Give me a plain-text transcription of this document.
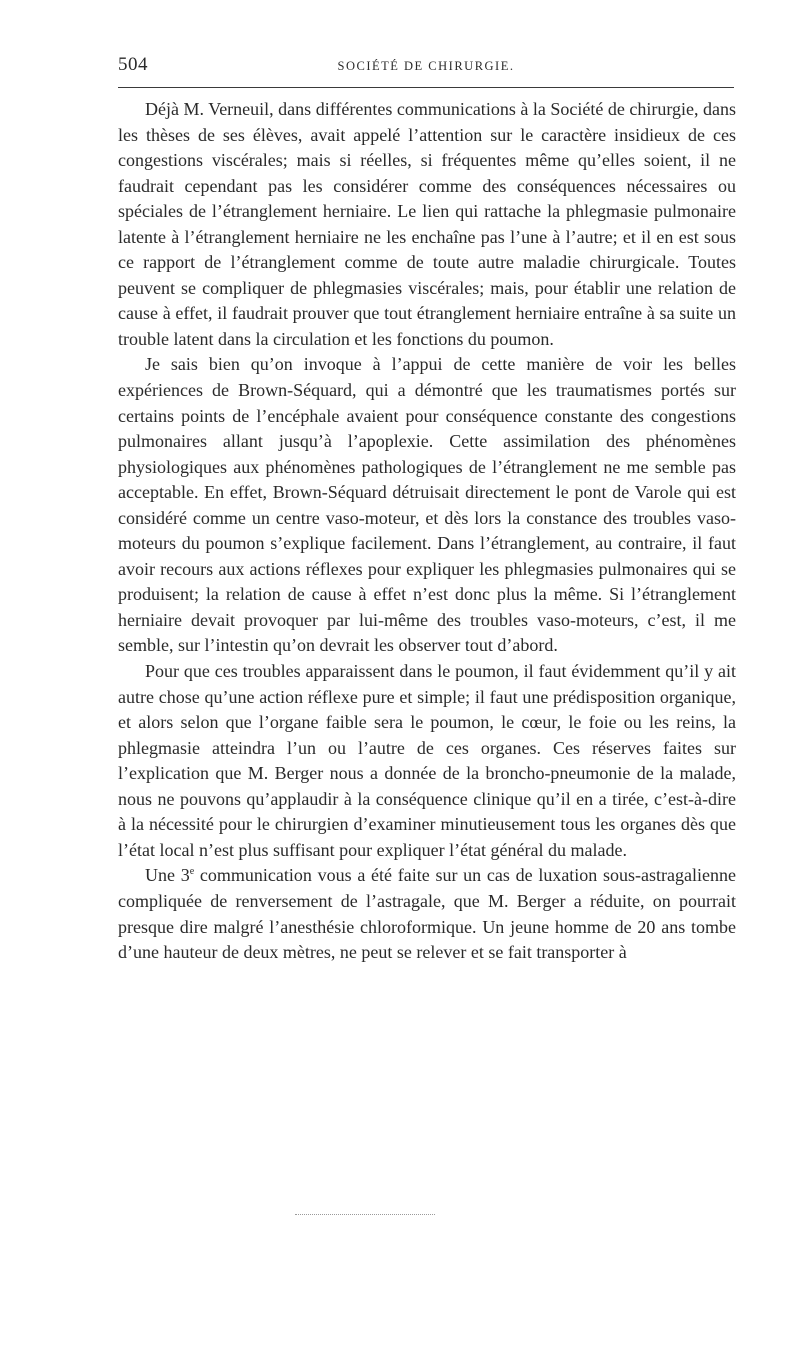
504	SOCIÉTÉ DE CHIRURGIE.

Déjà M. Verneuil, dans différentes communications à la Société de chirurgie, dans les thèses de ses élèves, avait appelé l’attention sur le caractère insidieux de ces congestions viscérales; mais si réelles, si fréquentes même qu’elles soient, il ne faudrait cependant pas les considérer comme des conséquences nécessaires ou spéciales de l’étranglement herniaire. Le lien qui rattache la phlegmasie pulmonaire latente à l’étranglement herniaire ne les enchaîne pas l’une à l’autre; et il en est sous ce rapport de l’étranglement comme de toute autre maladie chirurgicale. Toutes peuvent se compliquer de phlegmasies viscérales; mais, pour établir une relation de cause à effet, il faudrait prouver que tout étranglement herniaire entraîne à sa suite un trouble latent dans la circulation et les fonctions du poumon.

Je sais bien qu’on invoque à l’appui de cette manière de voir les belles expériences de Brown-Séquard, qui a démontré que les traumatismes portés sur certains points de l’encéphale avaient pour conséquence constante des congestions pulmonaires allant jusqu’à l’apoplexie. Cette assimilation des phénomènes physiologiques aux phénomènes pathologiques de l’étranglement ne me semble pas acceptable. En effet, Brown-Séquard détruisait directement le pont de Varole qui est considéré comme un centre vaso-moteur, et dès lors la constance des troubles vaso-moteurs du poumon s’explique facilement. Dans l’étranglement, au contraire, il faut avoir recours aux actions réflexes pour expliquer les phlegmasies pulmonaires qui se produisent; la relation de cause à effet n’est donc plus la même. Si l’étranglement herniaire devait provoquer par lui-même des troubles vaso-moteurs, c’est, il me semble, sur l’intestin qu’on devrait les observer tout d’abord.

Pour que ces troubles apparaissent dans le poumon, il faut évidemment qu’il y ait autre chose qu’une action réflexe pure et simple; il faut une prédisposition organique, et alors selon que l’organe faible sera le poumon, le cœur, le foie ou les reins, la phlegmasie atteindra l’un ou l’autre de ces organes. Ces réserves faites sur l’explication que M. Berger nous a donnée de la broncho-pneumonie de la malade, nous ne pouvons qu’applaudir à la conséquence clinique qu’il en a tirée, c’est-à-dire à la nécessité pour le chirurgien d’examiner minutieusement tous les organes dès que l’état local n’est plus suffisant pour expliquer l’état général du malade.

Une 3e communication vous a été faite sur un cas de luxation sous-astragalienne compliquée de renversement de l’astragale, que M. Berger a réduite, on pourrait presque dire malgré l’anesthésie chloroformique. Un jeune homme de 20 ans tombe d’une hauteur de deux mètres, ne peut se relever et se fait transporter à
